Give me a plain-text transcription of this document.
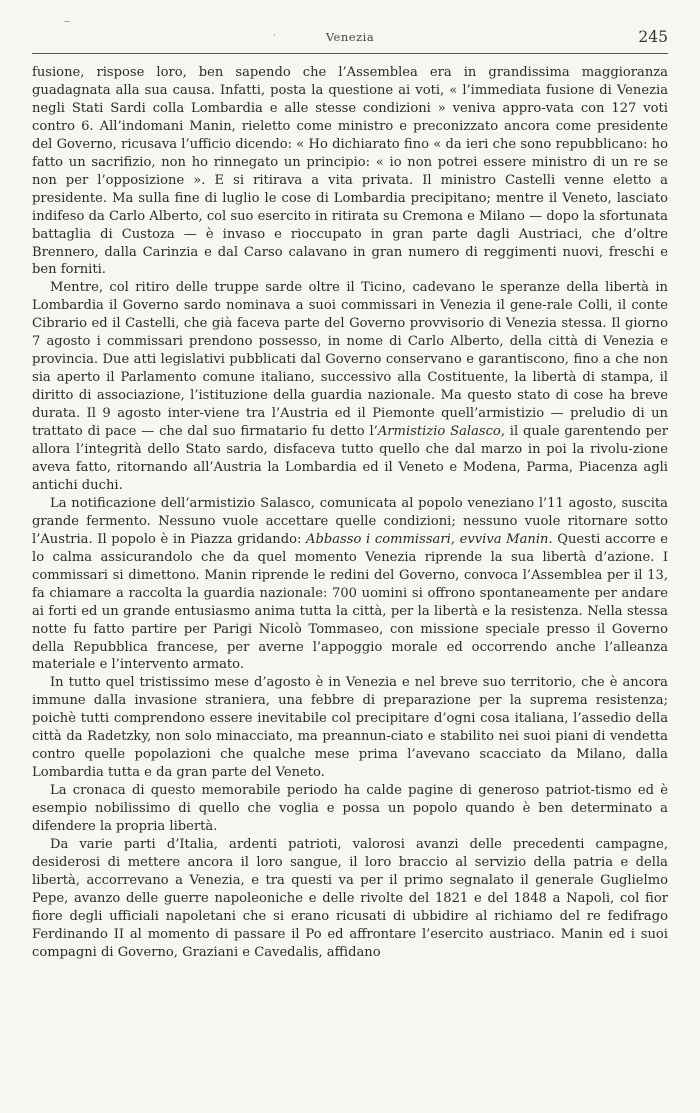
–
˙	Venezia	245

fusione, rispose loro, ben sapendo che l’Assemblea era in grandissima maggioranza guadagnata alla sua causa. Infatti, posta la questione ai voti, « l’immediata fusione di Venezia negli Stati Sardi colla Lombardia e alle stesse condizioni » veniva appro-vata con 127 voti contro 6. All’indomani Manin, rieletto come ministro e preconizzato ancora come presidente del Governo, ricusava l’ufficio dicendo: « Ho dichiarato fino « da ieri che sono repubblicano: ho fatto un sacrifizio, non ho rinnegato un principio: « io non potrei essere ministro di un re se non per l’opposizione ». E si ritirava a vita privata. Il ministro Castelli venne eletto a presidente. Ma sulla fine di luglio le cose di Lombardia precipitano; mentre il Veneto, lasciato indifeso da Carlo Alberto, col suo esercito in ritirata su Cremona e Milano — dopo la sfortunata battaglia di Custoza — è invaso e rioccupato in gran parte dagli Austriaci, che d’oltre Brennero, dalla Carinzia e dal Carso calavano in gran numero di reggimenti nuovi, freschi e ben forniti.

Mentre, col ritiro delle truppe sarde oltre il Ticino, cadevano le speranze della libertà in Lombardia il Governo sardo nominava a suoi commissari in Venezia il gene-rale Colli, il conte Cibrario ed il Castelli, che già faceva parte del Governo provvisorio di Venezia stessa. Il giorno 7 agosto i commissari prendono possesso, in nome di Carlo Alberto, della città di Venezia e provincia. Due atti legislativi pubblicati dal Governo conservano e garantiscono, fino a che non sia aperto il Parlamento comune italiano, successivo alla Costituente, la libertà di stampa, il diritto di associazione, l’istituzione della guardia nazionale. Ma questo stato di cose ha breve durata. Il 9 agosto inter-viene tra l’Austria ed il Piemonte quell’armistizio — preludio di un trattato di pace — che dal suo firmatario fu detto l’Armistizio Salasco, il quale garentendo per allora l’integrità dello Stato sardo, disfaceva tutto quello che dal marzo in poi la rivolu-zione aveva fatto, ritornando all’Austria la Lombardia ed il Veneto e Modena, Parma, Piacenza agli antichi duchi.

La notificazione dell’armistizio Salasco, comunicata al popolo veneziano l’11 agosto, suscita grande fermento. Nessuno vuole accettare quelle condizioni; nessuno vuole ritornare sotto l’Austria. Il popolo è in Piazza gridando: Abbasso i commissari, evviva Manin. Questi accorre e lo calma assicurandolo che da quel momento Venezia riprende la sua libertà d’azione. I commissari si dimettono. Manin riprende le redini del Governo, convoca l’Assemblea per il 13, fa chiamare a raccolta la guardia nazionale: 700 uomini si offrono spontaneamente per andare ai forti ed un grande entusiasmo anima tutta la città, per la libertà e la resistenza. Nella stessa notte fu fatto partire per Parigi Nicolò Tommaseo, con missione speciale presso il Governo della Repubblica francese, per averne l’appoggio morale ed occorrendo anche l’alleanza materiale e l’intervento armato.

In tutto quel tristissimo mese d’agosto è in Venezia e nel breve suo territorio, che è ancora immune dalla invasione straniera, una febbre di preparazione per la suprema resistenza; poichè tutti comprendono essere inevitabile col precipitare d’ogni cosa italiana, l’assedio della città da Radetzky, non solo minacciato, ma preannun-ciato e stabilito nei suoi piani di vendetta contro quelle popolazioni che qualche mese prima l’avevano scacciato da Milano, dalla Lombardia tutta e da gran parte del Veneto.

La cronaca di questo memorabile periodo ha calde pagine di generoso patriot-tismo ed è esempio nobilissimo di quello che voglia e possa un popolo quando è ben determinato a difendere la propria libertà.

Da varie parti d’Italia, ardenti patrioti, valorosi avanzi delle precedenti campagne, desiderosi di mettere ancora il loro sangue, il loro braccio al servizio della patria e della libertà, accorrevano a Venezia, e tra questi va per il primo segnalato il generale Guglielmo Pepe, avanzo delle guerre napoleoniche e delle rivolte del 1821 e del 1848 a Napoli, col fior fiore degli ufficiali napoletani che si erano ricusati di ubbidire al richiamo del re fedifrago Ferdinando II al momento di passare il Po ed affrontare l’esercito austriaco. Manin ed i suoi compagni di Governo, Graziani e Cavedalis, affidano
